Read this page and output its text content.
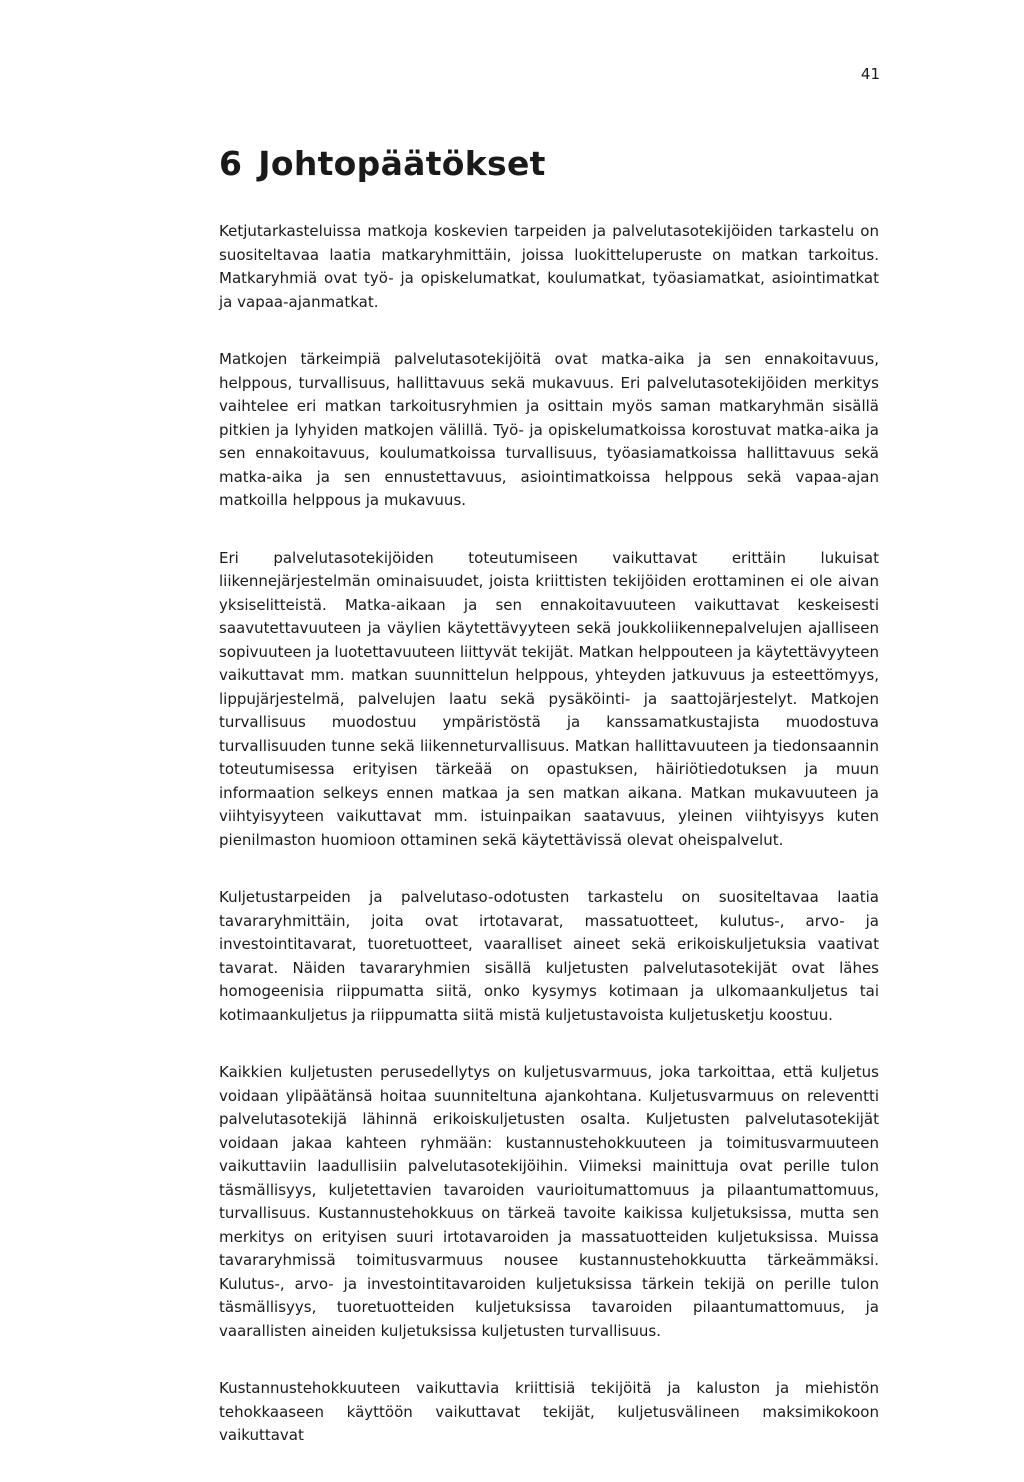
41
6 Johtopäätökset

Ketjutarkasteluissa matkoja koskevien tarpeiden ja palvelutasotekijöiden tarkastelu on suositeltavaa laatia matkaryhmittäin, joissa luokitteluperuste on matkan tarkoitus. Matkaryhmiä ovat työ- ja opiskelumatkat, koulumatkat, työasiamatkat, asiointimatkat ja vapaa-ajanmatkat.

Matkojen tärkeimpiä palvelutasotekijöitä ovat matka-aika ja sen ennakoitavuus, helppous, turvallisuus, hallittavuus sekä mukavuus. Eri palvelutasotekijöiden merkitys vaihtelee eri matkan tarkoitusryhmien ja osittain myös saman matkaryhmän sisällä pitkien ja lyhyiden matkojen välillä. Työ- ja opiskelumatkoissa korostuvat matka-aika ja sen ennakoitavuus, koulumatkoissa turvallisuus, työasiamatkoissa hallittavuus sekä matka-aika ja sen ennustettavuus, asiointimatkoissa helppous sekä vapaa-ajan matkoilla helppous ja mukavuus.

Eri palvelutasotekijöiden toteutumiseen vaikuttavat erittäin lukuisat liikennejärjestelmän ominaisuudet, joista kriittisten tekijöiden erottaminen ei ole aivan yksiselitteistä. Matka-aikaan ja sen ennakoitavuuteen vaikuttavat keskeisesti saavutettavuuteen ja väylien käytettävyyteen sekä joukkoliikennepalvelujen ajalliseen sopivuuteen ja luotettavuuteen liittyvät tekijät. Matkan helppouteen ja käytettävyyteen vaikuttavat mm. matkan suunnittelun helppous, yhteyden jatkuvuus ja esteettömyys, lippujärjestelmä, palvelujen laatu sekä pysäköinti- ja saattojärjestelyt. Matkojen turvallisuus muodostuu ympäristöstä ja kanssamatkustajista muodostuva turvallisuuden tunne sekä liikenneturvallisuus. Matkan hallittavuuteen ja tiedonsaannin toteutumisessa erityisen tärkeää on opastuksen, häiriötiedotuksen ja muun informaation selkeys ennen matkaa ja sen matkan aikana. Matkan mukavuuteen ja viihtyisyyteen vaikuttavat mm. istuinpaikan saatavuus, yleinen viihtyisyys kuten pienilmaston huomioon ottaminen sekä käytettävissä olevat oheispalvelut.

Kuljetustarpeiden ja palvelutaso-odotusten tarkastelu on suositeltavaa laatia tavararyhmittäin, joita ovat irtotavarat, massatuotteet, kulutus-, arvo- ja investointitavarat, tuoretuotteet, vaaralliset aineet sekä erikoiskuljetuksia vaativat tavarat. Näiden tavararyhmien sisällä kuljetusten palvelutasotekijät ovat lähes homogeenisia riippumatta siitä, onko kysymys kotimaan ja ulkomaankuljetus tai kotimaankuljetus ja riippumatta siitä mistä kuljetustavoista kuljetusketju koostuu.

Kaikkien kuljetusten perusedellytys on kuljetusvarmuus, joka tarkoittaa, että kuljetus voidaan ylipäätänsä hoitaa suunniteltuna ajankohtana. Kuljetusvarmuus on releventti palvelutasotekijä lähinnä erikoiskuljetusten osalta. Kuljetusten palvelutasotekijät voidaan jakaa kahteen ryhmään: kustannustehokkuuteen ja toimitusvarmuuteen vaikuttaviin laadullisiin palvelutasotekijöihin. Viimeksi mainittuja ovat perille tulon täsmällisyys, kuljetettavien tavaroiden vaurioitumattomuus ja pilaantumattomuus, turvallisuus. Kustannustehokkuus on tärkeä tavoite kaikissa kuljetuksissa, mutta sen merkitys on erityisen suuri irtotavaroiden ja massatuotteiden kuljetuksissa. Muissa tavararyhmissä toimitusvarmuus nousee kustannustehokkuutta tärkeämmäksi. Kulutus-, arvo- ja investointitavaroiden kuljetuksissa tärkein tekijä on perille tulon täsmällisyys, tuoretuotteiden kuljetuksissa tavaroiden pilaantumattomuus, ja vaarallisten aineiden kuljetuksissa kuljetusten turvallisuus.

Kustannustehokkuuteen vaikuttavia kriittisiä tekijöitä ja kaluston ja miehistön tehokkaaseen käyttöön vaikuttavat tekijät, kuljetusvälineen maksimikokoon vaikuttavat
